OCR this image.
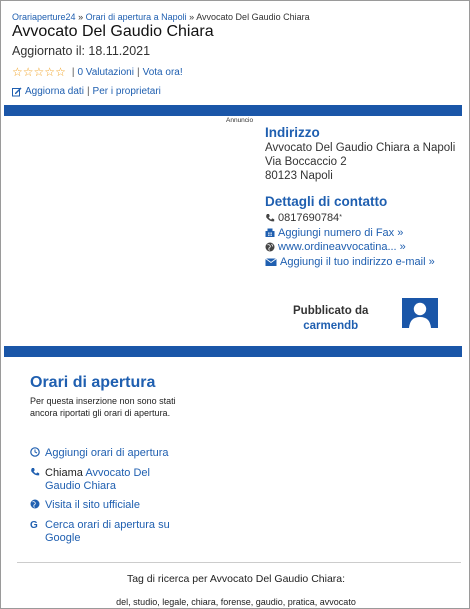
Orariaperture24 » Orari di apertura a Napoli » Avvocato Del Gaudio Chiara
Avvocato Del Gaudio Chiara
Aggiornato il: 18.11.2021
☆ ☆ ☆ ☆ ☆ | 0 Valutazioni | Vota ora!
Aggiorna dati | Per i proprietari
Annuncio
Indirizzo
Avvocato Del Gaudio Chiara a Napoli
Via Boccaccio 2
80123 Napoli
Dettagli di contatto
0817690784 *
Aggiungi numero di Fax »
www.ordineavvocatina... »
Aggiungi il tuo indirizzo e-mail »
Pubblicato da
carmendb
Orari di apertura
Per questa inserzione non sono stati ancora riportati gli orari di apertura.
Aggiungi orari di apertura
Chiama Avvocato Del Gaudio Chiara
Visita il sito ufficiale
G Cerca orari di apertura su Google
Tag di ricerca per Avvocato Del Gaudio Chiara:
del, studio, legale, chiara, forense, gaudio, pratica, avvocato
